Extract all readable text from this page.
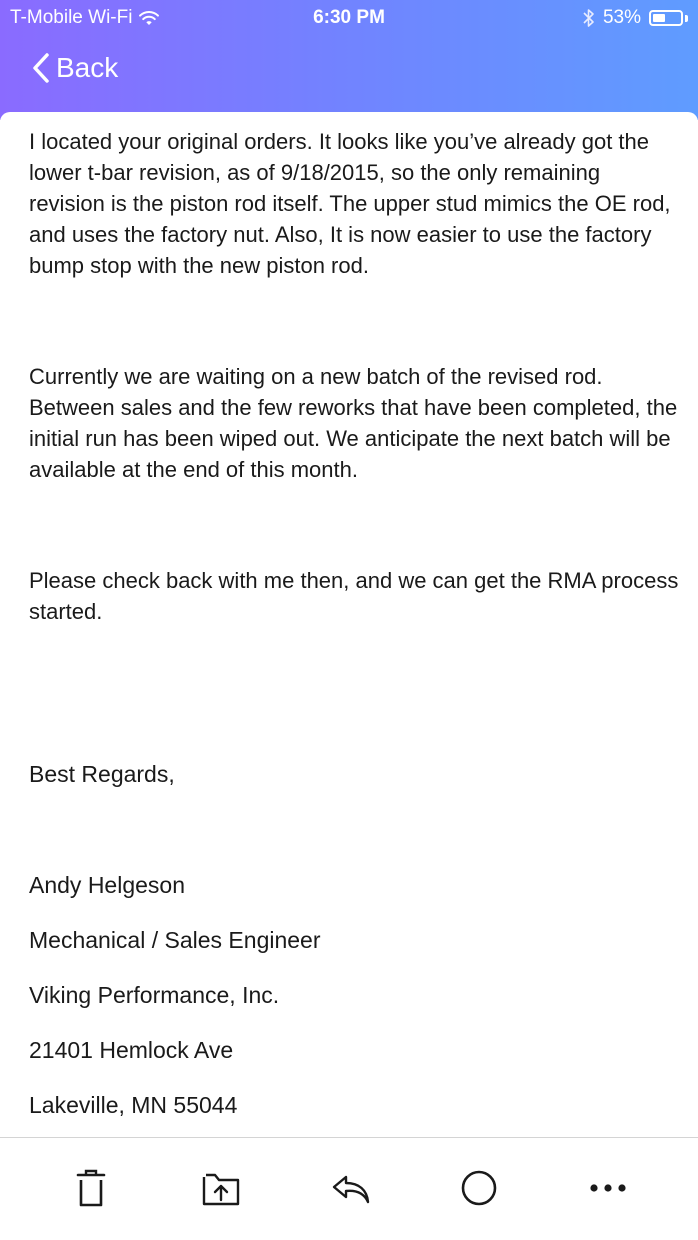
T-Mobile Wi-Fi	6:30 PM	53%
Back

I located your original orders. It looks like you’ve already got the lower t-bar revision, as of 9/18/2015, so the only remaining revision is the piston rod itself. The upper stud mimics the OE rod, and uses the factory nut. Also, It is now easier to use the factory bump stop with the new piston rod.

Currently we are waiting on a new batch of the revised rod. Between sales and the few reworks that have been completed, the initial run has been wiped out. We anticipate the next batch will be available at the end of this month.

Please check back with me then, and we can get the RMA process started.

Best Regards,
Andy Helgeson
Mechanical / Sales Engineer
Viking Performance, Inc.
21401 Hemlock Ave
Lakeville, MN 55044
